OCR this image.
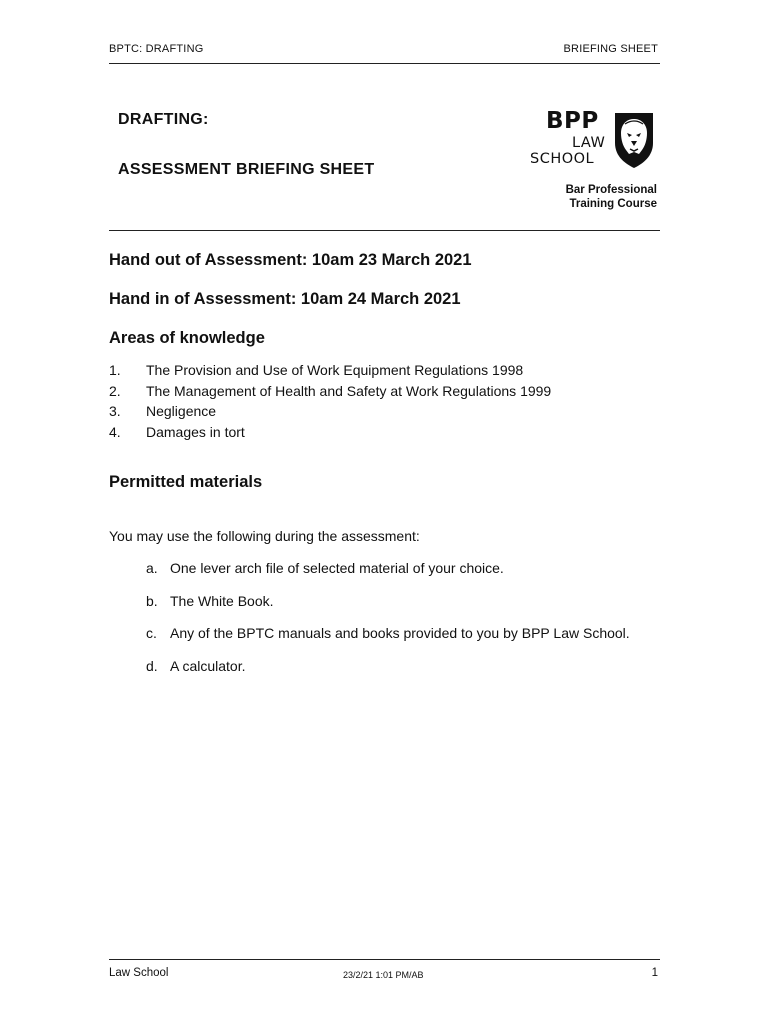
BPTC: DRAFTING	BRIEFING SHEET
DRAFTING:
ASSESSMENT BRIEFING SHEET
BPP
LAW
SCHOOL
Bar Professional
Training Course
Hand out of Assessment: 10am 23 March 2021
Hand in of Assessment: 10am 24 March 2021
Areas of knowledge
1.	The Provision and Use of Work Equipment Regulations 1998
2.	The Management of Health and Safety at Work Regulations 1999
3.	Negligence
4.	Damages in tort
Permitted materials
You may use the following during the assessment:
a. One lever arch file of selected material of your choice.
b. The White Book.
c. Any of the BPTC manuals and books provided to you by BPP Law School.
d. A calculator.
Law School	23/2/21 1:01 PM/AB	1
